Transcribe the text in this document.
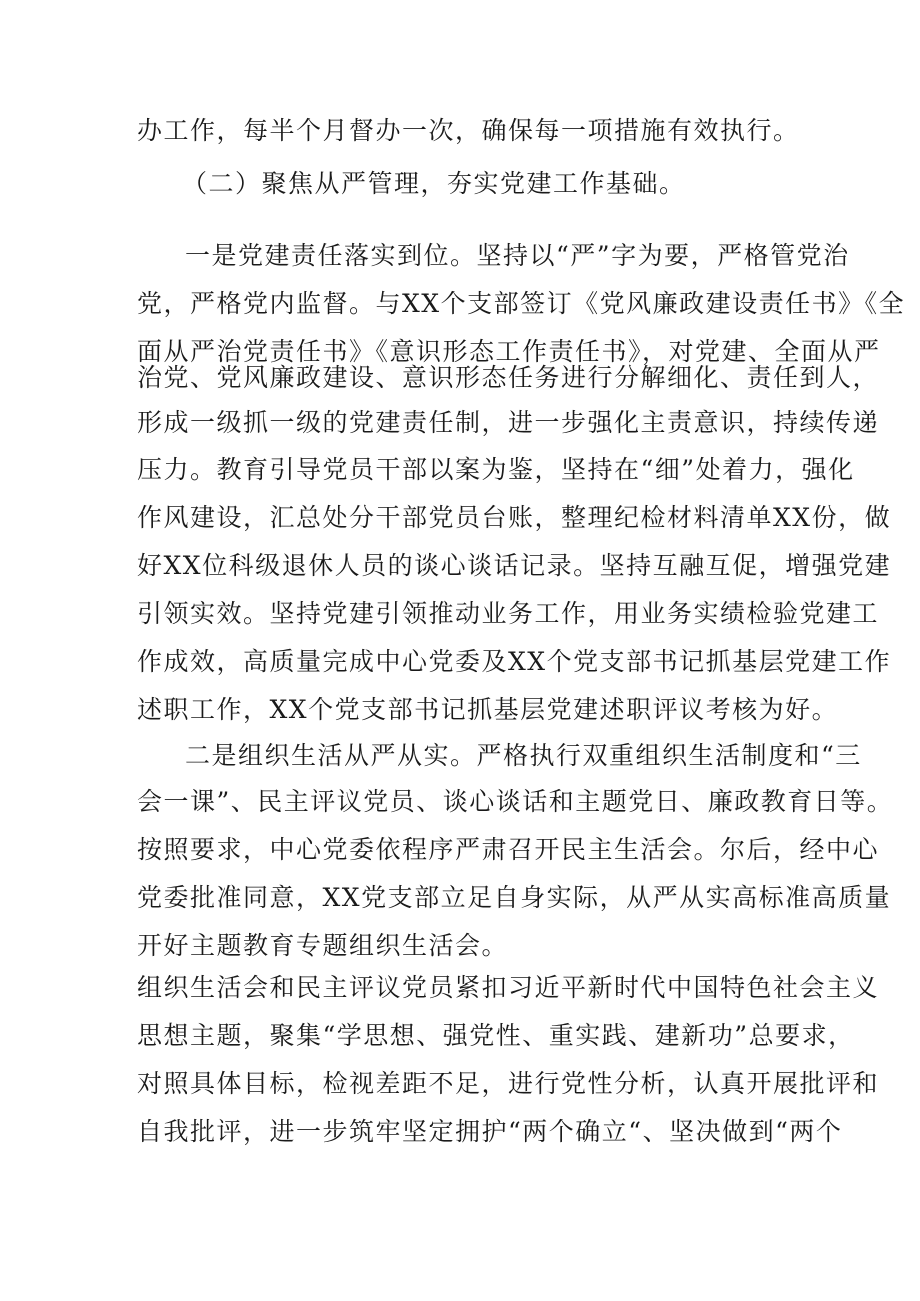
办工作，每半个月督办一次，确保每一项措施有效执行。
（二）聚焦从严管理，夯实党建工作基础。
一是党建责任落实到位。坚持以“严”字为要，严格管党治
党，严格党内监督。与XX个支部签订《党风廉政建设责任书》《全
面从严治党责任书》《意识形态工作责任书》，对党建、全面从严
治党、党风廉政建设、意识形态任务进行分解细化、责任到人，
形成一级抓一级的党建责任制，进一步强化主责意识，持续传递
压力。教育引导党员干部以案为鉴，坚持在“细”处着力，强化
作风建设，汇总处分干部党员台账，整理纪检材料清单XX份，做
好XX位科级退休人员的谈心谈话记录。坚持互融互促，增强党建
引领实效。坚持党建引领推动业务工作，用业务实绩检验党建工
作成效，高质量完成中心党委及XX个党支部书记抓基层党建工作
述职工作，XX个党支部书记抓基层党建述职评议考核为好。
二是组织生活从严从实。严格执行双重组织生活制度和“三
会一课”、民主评议党员、谈心谈话和主题党日、廉政教育日等。
按照要求，中心党委依程序严肃召开民主生活会。尔后，经中心
党委批准同意，XX党支部立足自身实际，从严从实高标准高质量
开好主题教育专题组织生活会。
组织生活会和民主评议党员紧扣习近平新时代中国特色社会主义
思想主题，聚集“学思想、强党性、重实践、建新功”总要求，
对照具体目标，检视差距不足，进行党性分析，认真开展批评和
自我批评，进一步筑牢坚定拥护“两个确立“、坚决做到“两个
